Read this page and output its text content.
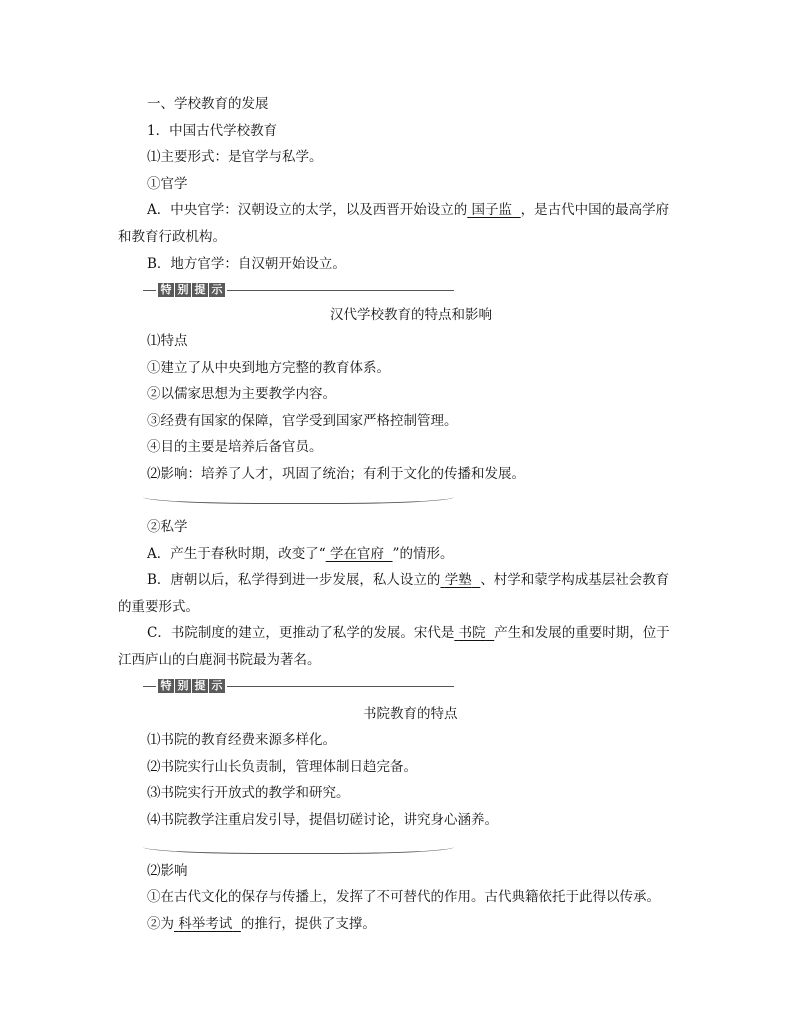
一、学校教育的发展
1．中国古代学校教育
⑴主要形式：是官学与私学。
①官学
A．中央官学：汉朝设立的太学，以及西晋开始设立的 国子监 ，是古代中国的最高学府
和教育行政机构。
B．地方官学：自汉朝开始设立。
特 别 提 示
汉代学校教育的特点和影响
⑴特点
①建立了从中央到地方完整的教育体系。
②以儒家思想为主要教学内容。
③经费有国家的保障，官学受到国家严格控制管理。
④目的主要是培养后备官员。
⑵影响：培养了人才，巩固了统治；有利于文化的传播和发展。
②私学
A．产生于春秋时期，改变了“ 学在官府 ”的情形。
B．唐朝以后，私学得到进一步发展，私人设立的 学塾 、村学和蒙学构成基层社会教育
的重要形式。
C．书院制度的建立，更推动了私学的发展。宋代是 书院 产生和发展的重要时期，位于
江西庐山的白鹿洞书院最为著名。
特 别 提 示
书院教育的特点
⑴书院的教育经费来源多样化。
⑵书院实行山长负责制，管理体制日趋完备。
⑶书院实行开放式的教学和研究。
⑷书院教学注重启发引导，提倡切磋讨论，讲究身心涵养。
⑵影响
①在古代文化的保存与传播上，发挥了不可替代的作用。古代典籍依托于此得以传承。
②为 科举考试 的推行，提供了支撑。
